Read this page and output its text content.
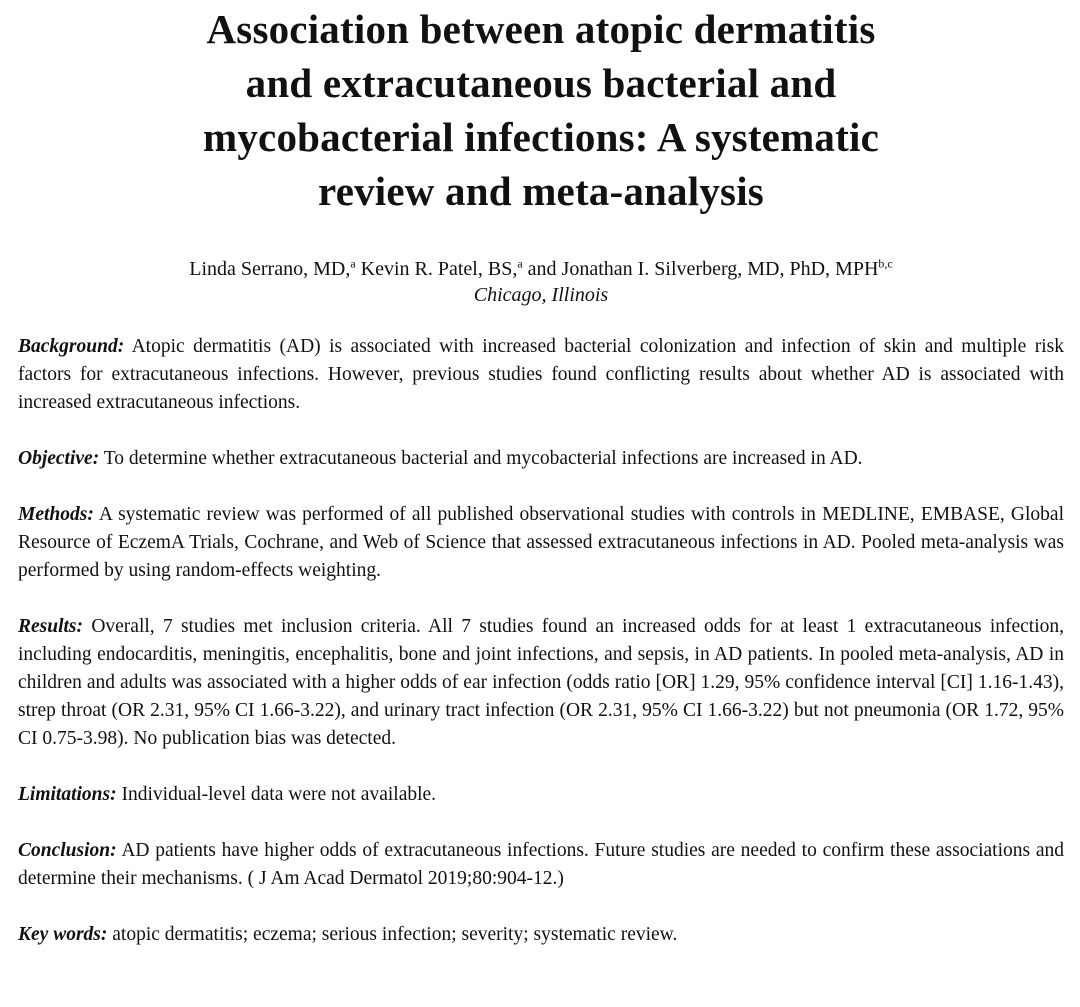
Association between atopic dermatitis
and extracutaneous bacterial and
mycobacterial infections: A systematic
review and meta-analysis
Linda Serrano, MD,$^a$ Kevin R. Patel, BS,$^a$ and Jonathan I. Silverberg, MD, PhD, MPH$^{b,c}$
Chicago, Illinois

Background: Atopic dermatitis (AD) is associated with increased bacterial colonization and infection of skin and multiple risk factors for extracutaneous infections. However, previous studies found conflicting results about whether AD is associated with increased extracutaneous infections.

Objective: To determine whether extracutaneous bacterial and mycobacterial infections are increased in AD.

Methods: A systematic review was performed of all published observational studies with controls in MEDLINE, EMBASE, Global Resource of EczemA Trials, Cochrane, and Web of Science that assessed extracutaneous infections in AD. Pooled meta-analysis was performed by using random-effects weighting.

Results: Overall, 7 studies met inclusion criteria. All 7 studies found an increased odds for at least 1 extracutaneous infection, including endocarditis, meningitis, encephalitis, bone and joint infections, and sepsis, in AD patients. In pooled meta-analysis, AD in children and adults was associated with a higher odds of ear infection (odds ratio [OR] 1.29, 95% confidence interval [CI] 1.16-1.43), strep throat (OR 2.31, 95% CI 1.66-3.22), and urinary tract infection (OR 2.31, 95% CI 1.66-3.22) but not pneumonia (OR 1.72, 95% CI 0.75-3.98). No publication bias was detected.

Limitations: Individual-level data were not available.

Conclusion: AD patients have higher odds of extracutaneous infections. Future studies are needed to confirm these associations and determine their mechanisms. ( J Am Acad Dermatol 2019;80:904-12.)

Key words: atopic dermatitis; eczema; serious infection; severity; systematic review.
